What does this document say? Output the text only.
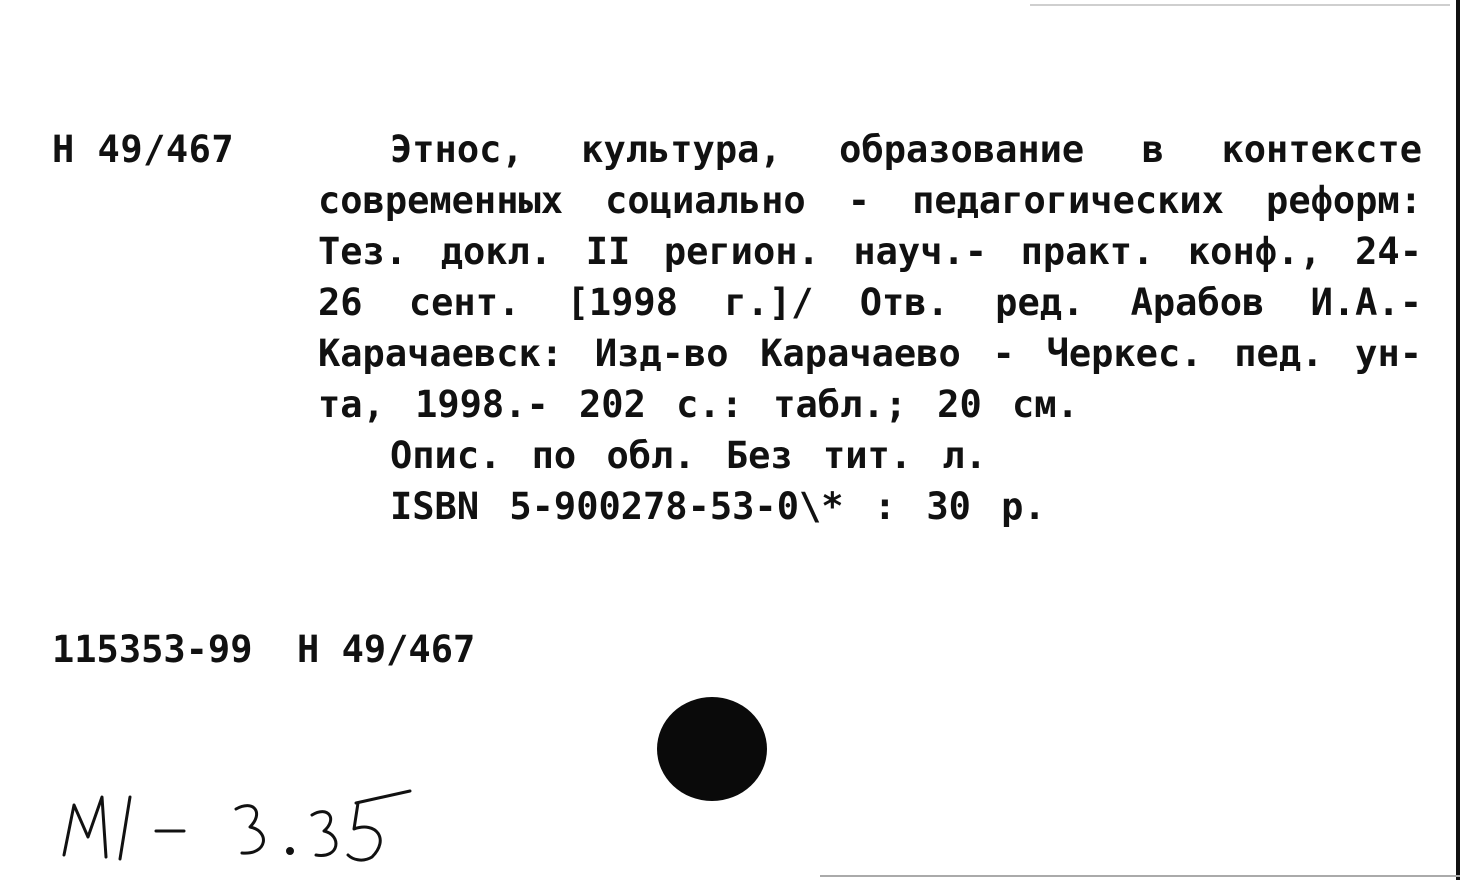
Н 49/467	Этнос, культура, образование в контексте современных социально - педагогических реформ: Тез. докл. II регион. науч.- практ. конф., 24-26 сент. [1998 г.]/ Отв. ред. Арабов И.А.- Карачаевск: Изд-во Карачаево - Черкес. пед. ун-та, 1998.- 202 с.: табл.; 20 см.

Опис. по обл. Без тит. л.
ISBN 5-900278-53-0\* : 30 р.
115353-99 Н 49/467
